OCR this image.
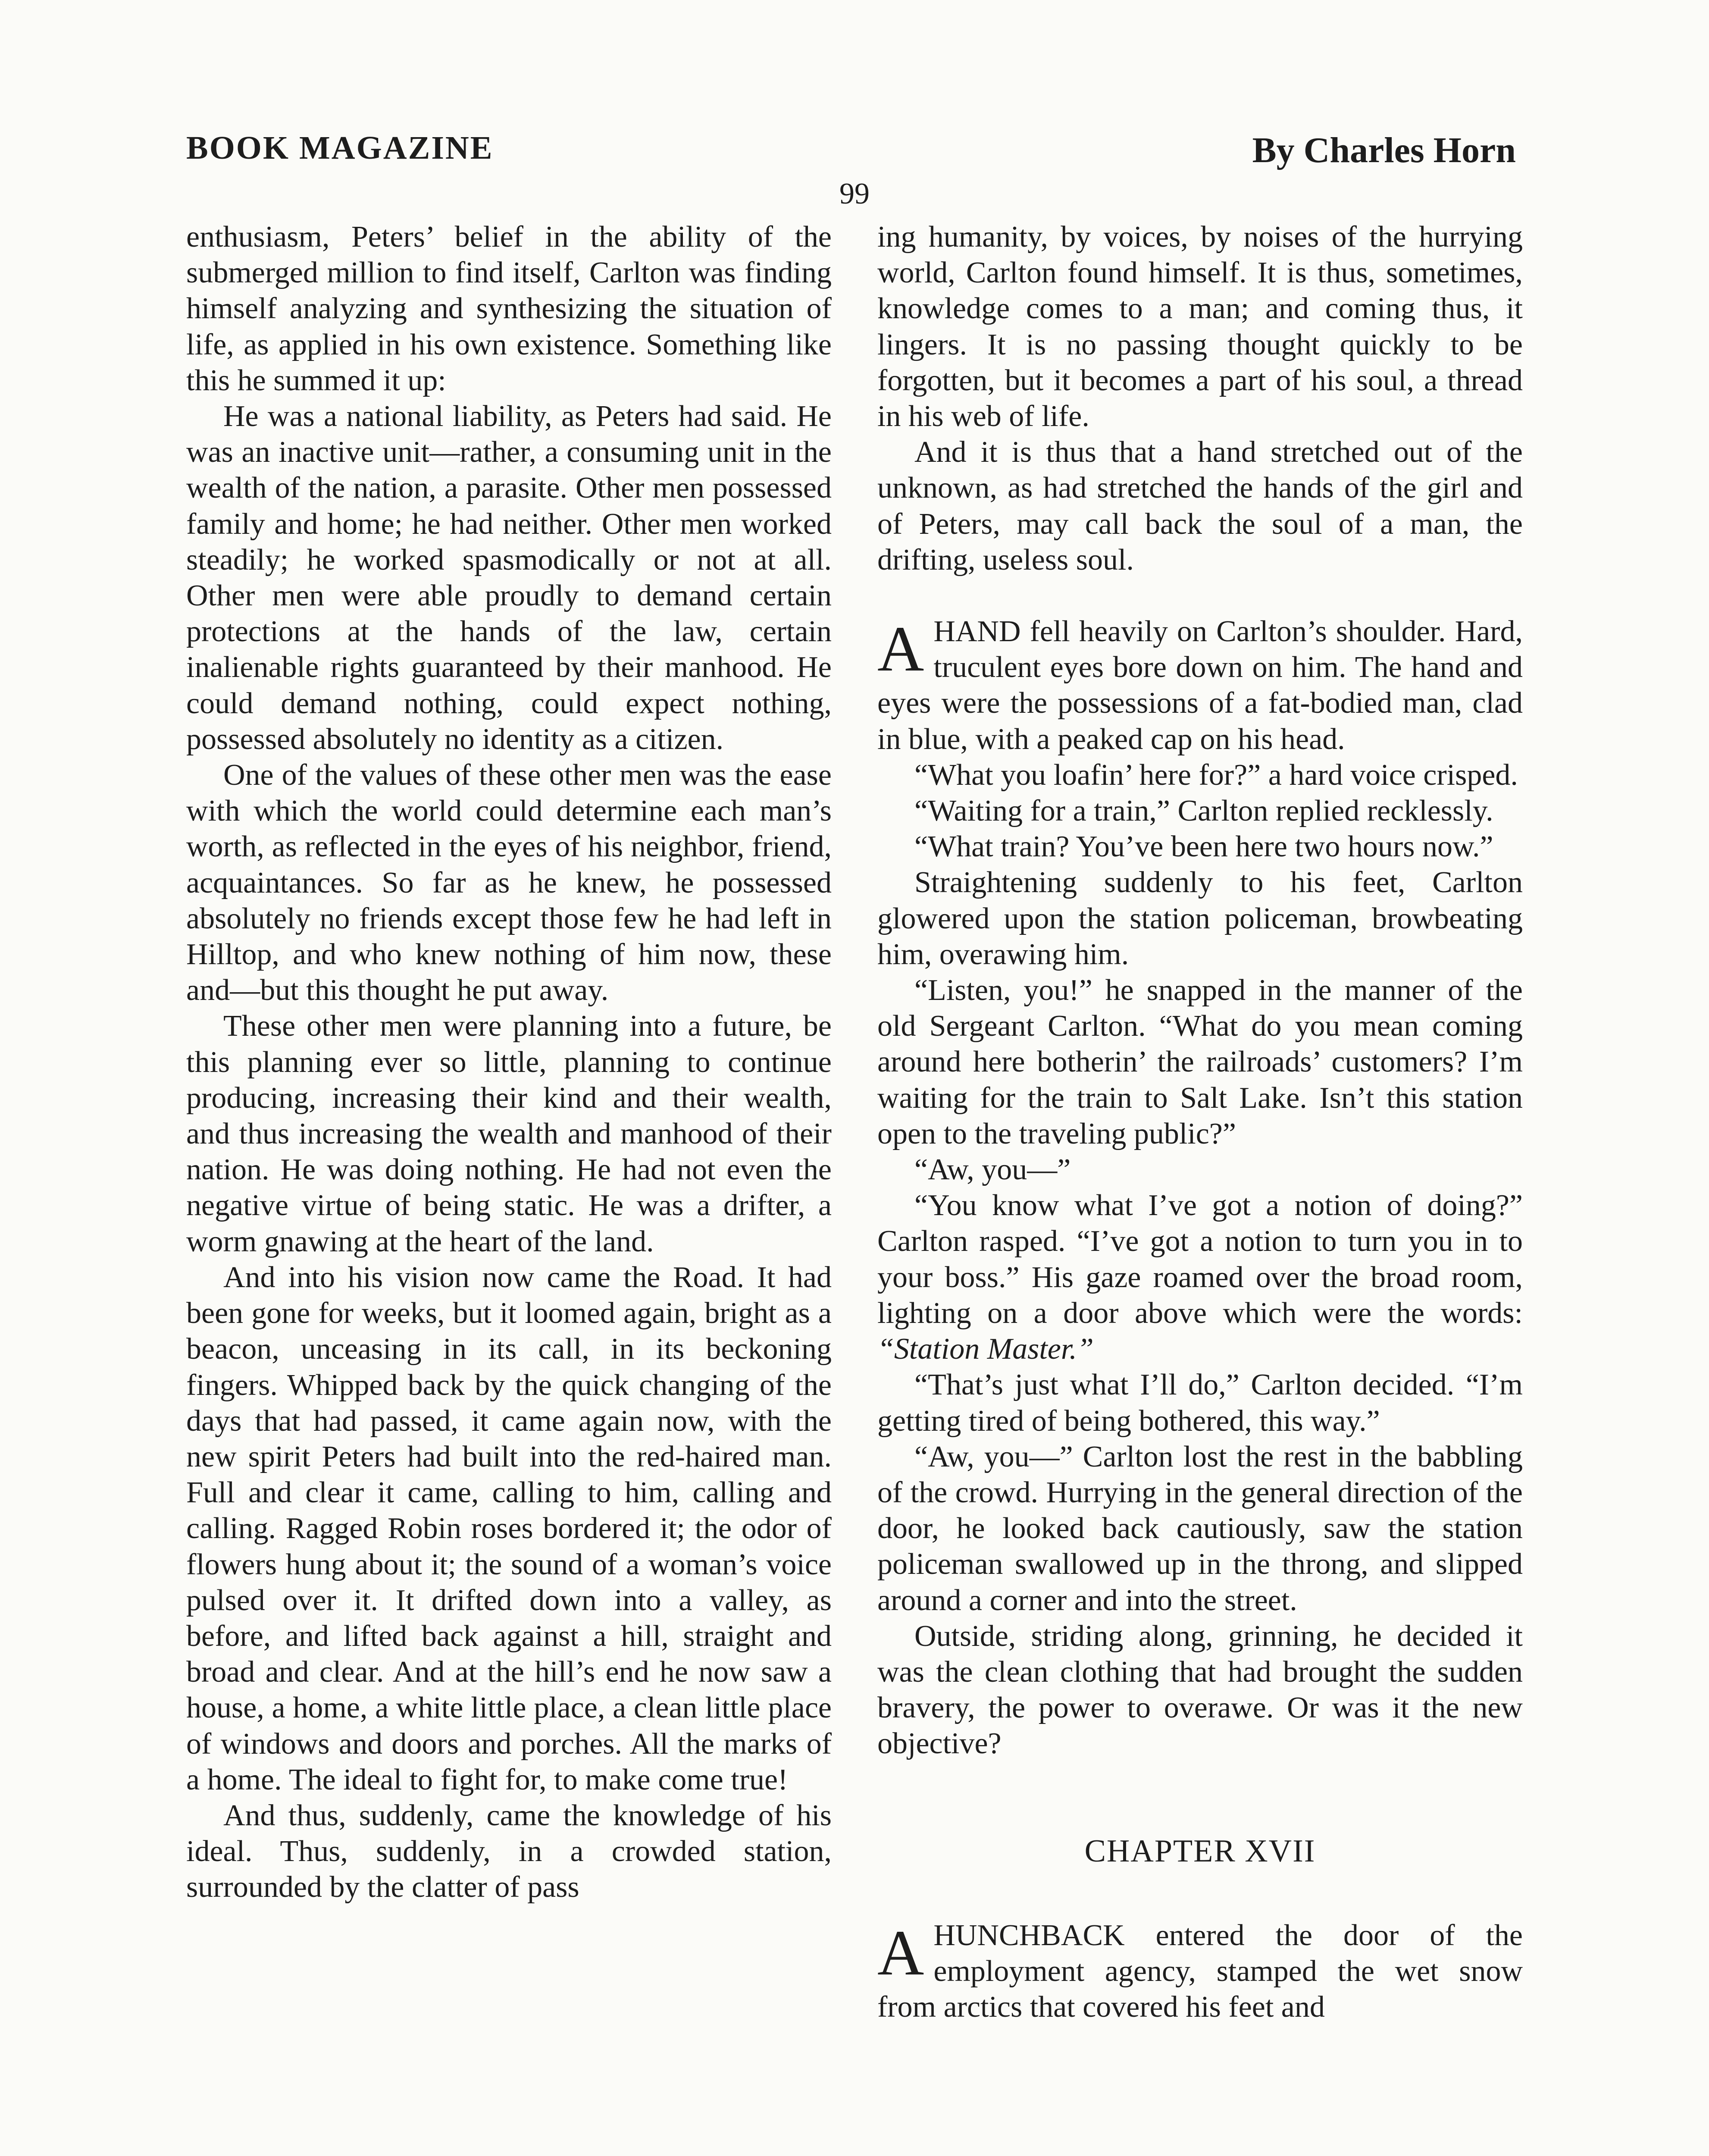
BOOK MAGAZINE	By Charles Horn
99

enthusiasm, Peters’ belief in the ability of the submerged million to find itself, Carlton was finding himself analyzing and synthesizing the situation of life, as applied in his own existence. Something like this he summed it up:

He was a national liability, as Peters had said. He was an inactive unit—rather, a consuming unit in the wealth of the nation, a parasite. Other men possessed family and home; he had neither. Other men worked steadily; he worked spasmodically or not at all. Other men were able proudly to demand certain protections at the hands of the law, certain inalienable rights guaranteed by their manhood. He could demand nothing, could expect nothing, possessed absolutely no identity as a citizen.

One of the values of these other men was the ease with which the world could determine each man’s worth, as reflected in the eyes of his neighbor, friend, acquaintances. So far as he knew, he possessed absolutely no friends except those few he had left in Hilltop, and who knew nothing of him now, these and—but this thought he put away.

These other men were planning into a future, be this planning ever so little, planning to continue producing, increasing their kind and their wealth, and thus increasing the wealth and manhood of their nation. He was doing nothing. He had not even the negative virtue of being static. He was a drifter, a worm gnawing at the heart of the land.

And into his vision now came the Road. It had been gone for weeks, but it loomed again, bright as a beacon, unceasing in its call, in its beckoning fingers. Whipped back by the quick changing of the days that had passed, it came again now, with the new spirit Peters had built into the red-haired man. Full and clear it came, calling to him, calling and calling. Ragged Robin roses bordered it; the odor of flowers hung about it; the sound of a woman’s voice pulsed over it. It drifted down into a valley, as before, and lifted back against a hill, straight and broad and clear. And at the hill’s end he now saw a house, a home, a white little place, a clean little place of windows and doors and porches. All the marks of a home. The ideal to fight for, to make come true!

And thus, suddenly, came the knowledge of his ideal. Thus, suddenly, in a crowded station, surrounded by the clatter of pass

ing humanity, by voices, by noises of the hurrying world, Carlton found himself. It is thus, sometimes, knowledge comes to a man; and coming thus, it lingers. It is no passing thought quickly to be forgotten, but it becomes a part of his soul, a thread in his web of life.

And it is thus that a hand stretched out of the unknown, as had stretched the hands of the girl and of Peters, may call back the soul of a man, the drifting, useless soul.

AHAND fell heavily on Carlton’s shoulder. Hard, truculent eyes bore down on him. The hand and eyes were the possessions of a fat-bodied man, clad in blue, with a peaked cap on his head.

“What you loafin’ here for?” a hard voice crisped.

“Waiting for a train,” Carlton replied recklessly.

“What train? You’ve been here two hours now.”

Straightening suddenly to his feet, Carlton glowered upon the station policeman, browbeating him, overawing him.

“Listen, you!” he snapped in the manner of the old Sergeant Carlton. “What do you mean coming around here botherin’ the railroads’ customers? I’m waiting for the train to Salt Lake. Isn’t this station open to the traveling public?”

“Aw, you—”

“You know what I’ve got a notion of doing?” Carlton rasped. “I’ve got a notion to turn you in to your boss.” His gaze roamed over the broad room, lighting on a door above which were the words: “Station Master.”

“That’s just what I’ll do,” Carlton decided. “I’m getting tired of being bothered, this way.”

“Aw, you—” Carlton lost the rest in the babbling of the crowd. Hurrying in the general direction of the door, he looked back cautiously, saw the station policeman swallowed up in the throng, and slipped around a corner and into the street.

Outside, striding along, grinning, he decided it was the clean clothing that had brought the sudden bravery, the power to overawe. Or was it the new objective?

CHAPTER XVII

AHUNCHBACK entered the door of the employment agency, stamped the wet snow from arctics that covered his feet and
